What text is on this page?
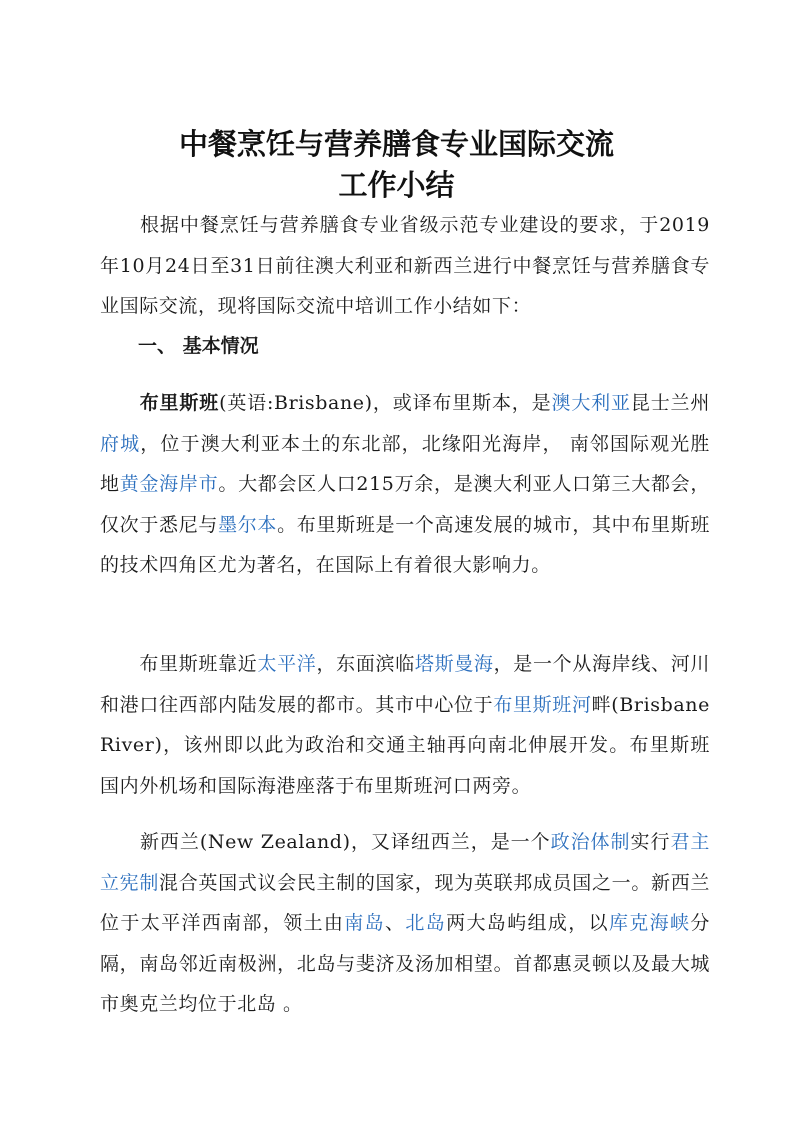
中餐烹饪与营养膳食专业国际交流
工作小结
　　根据中餐烹饪与营养膳食专业省级示范专业建设的要求，于2019年10月24日至31日前往澳大利亚和新西兰进行中餐烹饪与营养膳食专业国际交流，现将国际交流中培训工作小结如下：
一、 基本情况
　　布里斯班(英语:Brisbane)，或译布里斯本，是澳大利亚昆士兰州府城，位于澳大利亚本土的东北部，北缘阳光海岸， 南邻国际观光胜地黄金海岸市。大都会区人口215万余，是澳大利亚人口第三大都会，仅次于悉尼与墨尔本。布里斯班是一个高速发展的城市，其中布里斯班的技术四角区尤为著名，在国际上有着很大影响力。
　　布里斯班靠近太平洋，东面滨临塔斯曼海，是一个从海岸线、河川和港口往西部内陆发展的都市。其市中心位于布里斯班河畔(Brisbane River)，该州即以此为政治和交通主轴再向南北伸展开发。布里斯班国内外机场和国际海港座落于布里斯班河口两旁。
　　新西兰(New Zealand)，又译纽西兰，是一个政治体制实行君主立宪制混合英国式议会民主制的国家，现为英联邦成员国之一。新西兰位于太平洋西南部，领土由南岛、北岛两大岛屿组成，以库克海峡分隔，南岛邻近南极洲，北岛与斐济及汤加相望。首都惠灵顿以及最大城市奥克兰均位于北岛 。
